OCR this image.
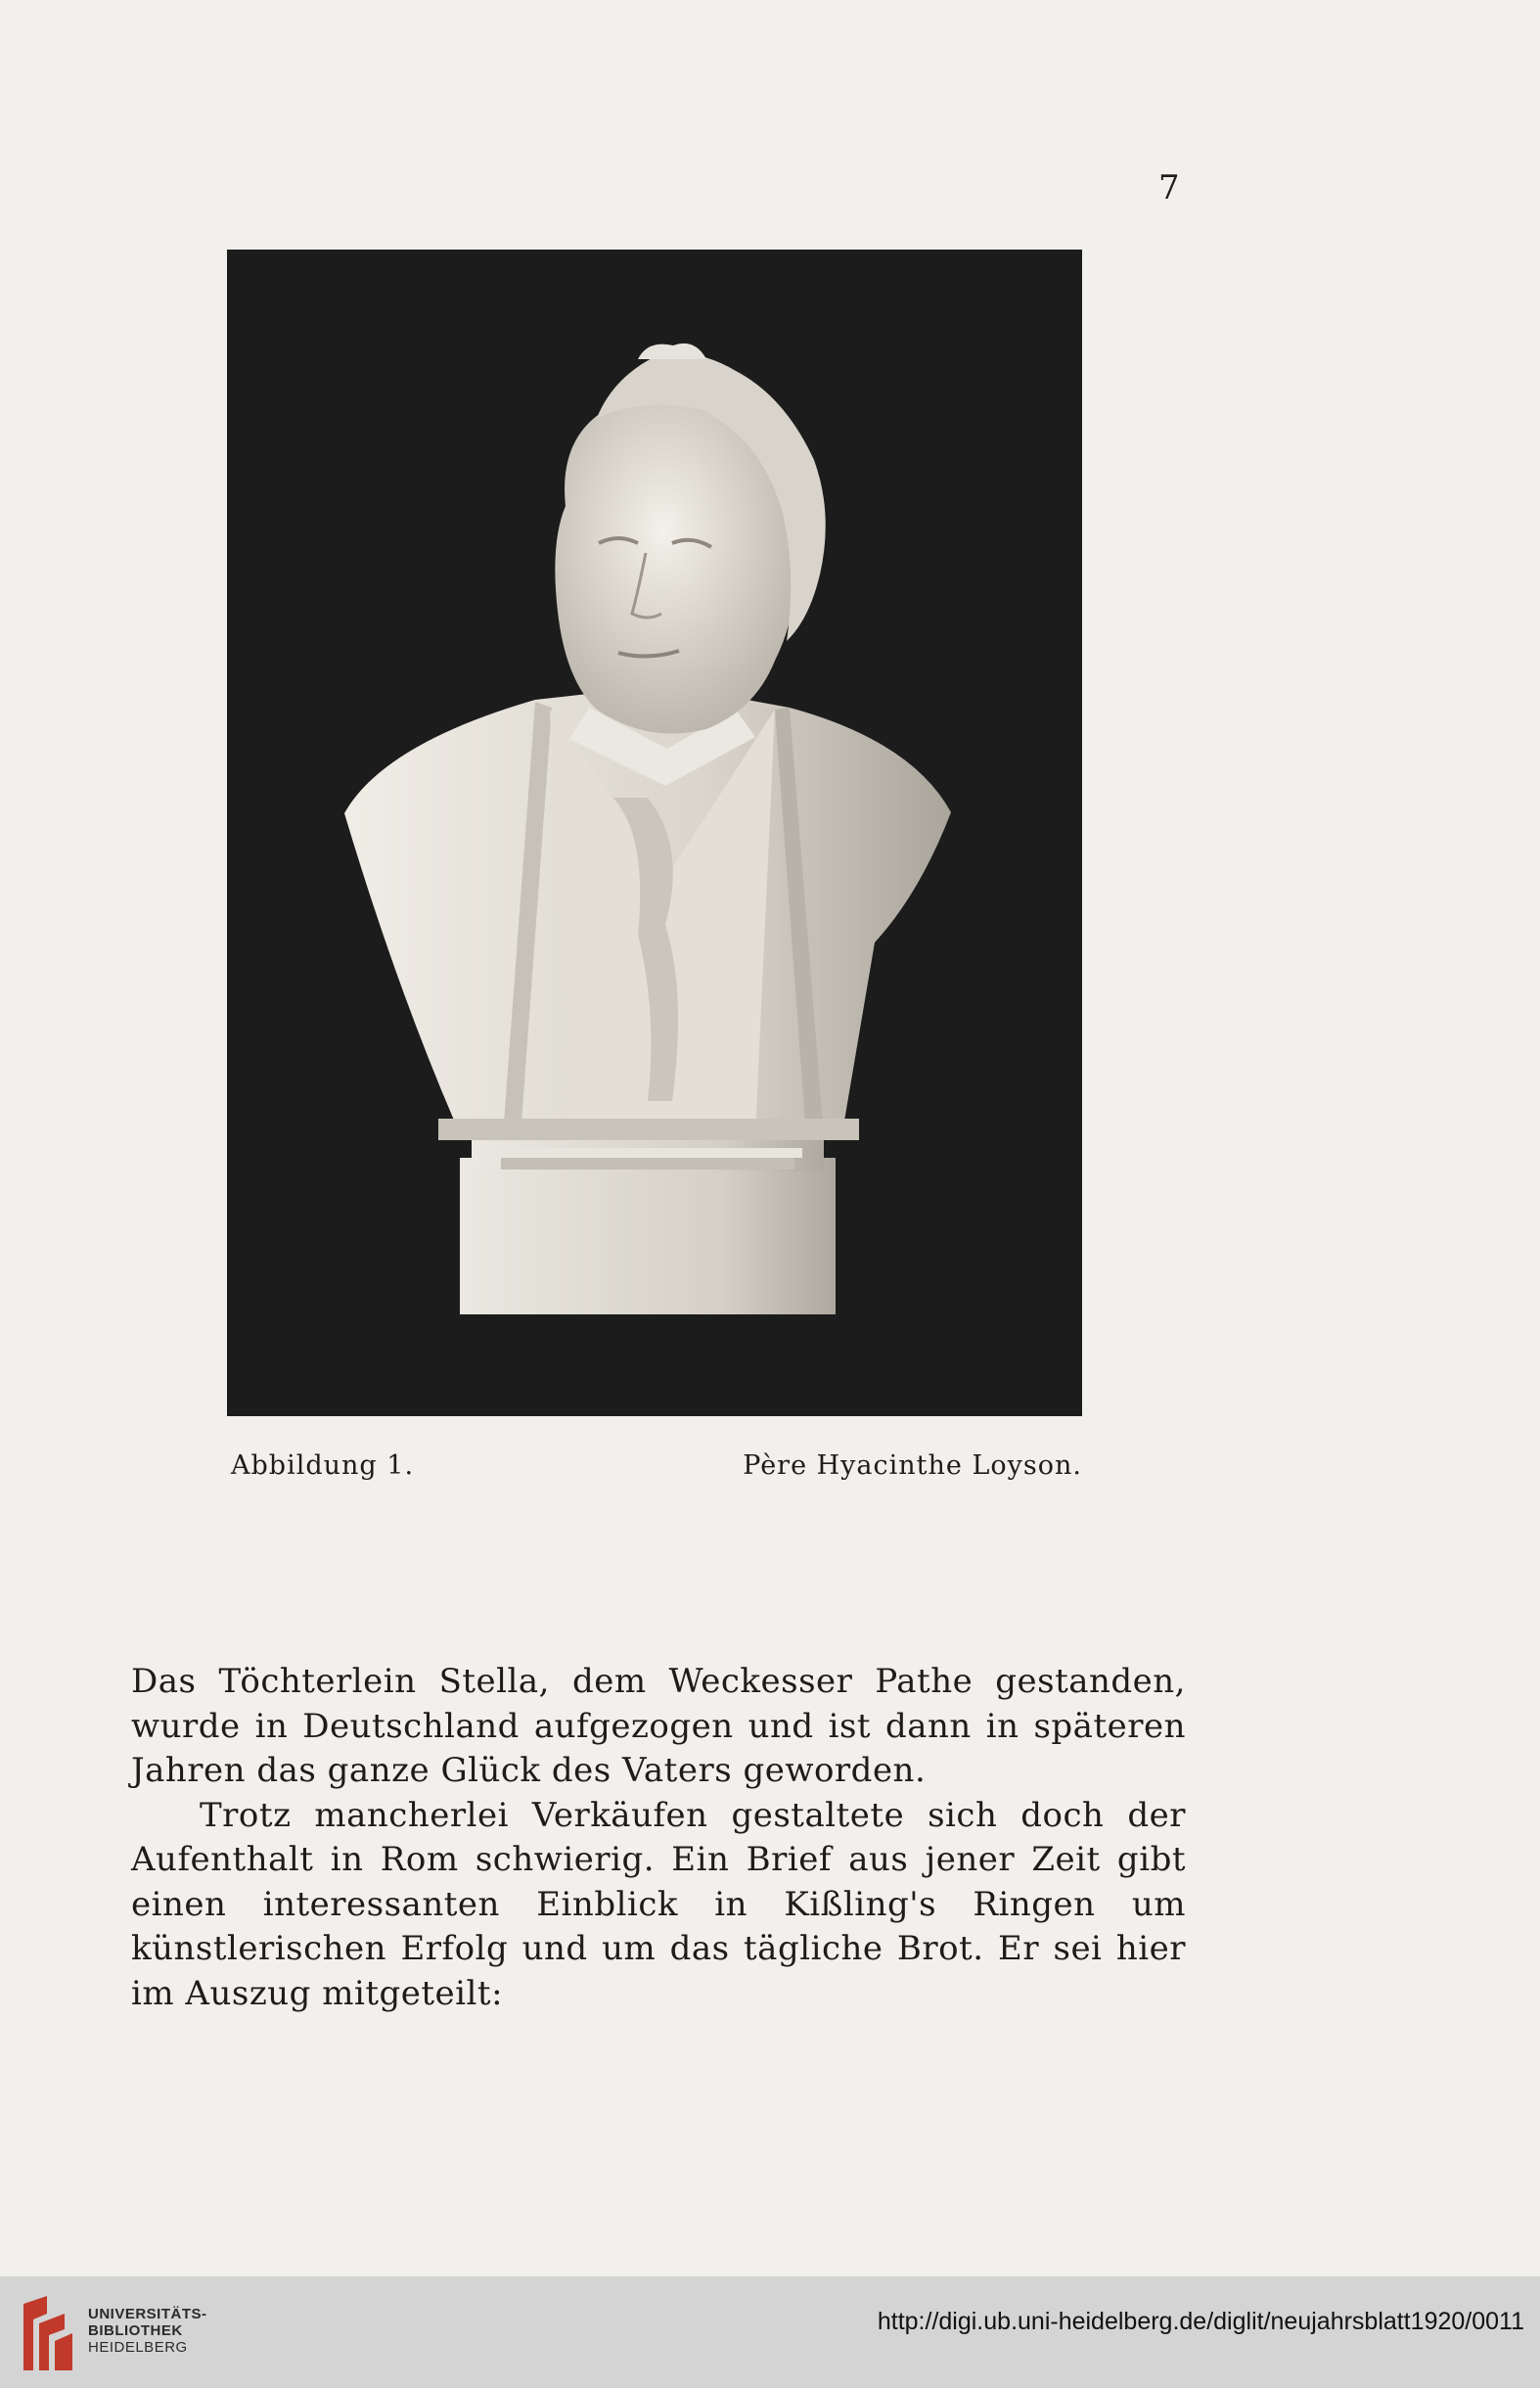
7
Abbildung 1.	Père Hyacinthe Loyson.

Das Töchterlein Stella, dem Weckesser Pathe gestanden, wurde in Deutschland aufgezogen und ist dann in späteren Jahren das ganze Glück des Vaters geworden.

Trotz mancherlei Verkäufen gestaltete sich doch der Aufenthalt in Rom schwierig. Ein Brief aus jener Zeit gibt einen interessanten Einblick in Kißling's Ringen um künstlerischen Erfolg und um das tägliche Brot. Er sei hier im Auszug mitgeteilt:

UNIVERSITÄTS-
BIBLIOTHEK
HEIDELBERG
http://digi.ub.uni-heidelberg.de/diglit/neujahrsblatt1920/0011
